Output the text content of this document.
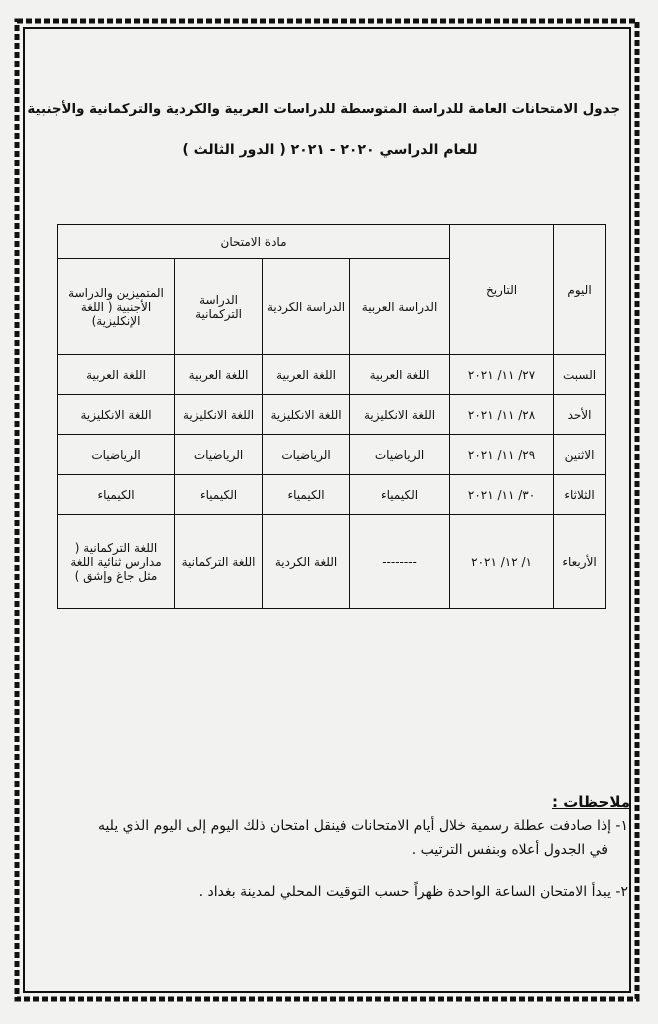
جدول الامتحانات العامة للدراسة المتوسطة للدراسات العربية والكردية والتركمانية والأجنبية
للعام الدراسي ٢٠٢٠ - ٢٠٢١ ( الدور الثالث )
اليوم	التاريخ	مادة الامتحان			
		الدراسة العربية	الدراسة الكردية	الدراسة التركمانية	المتميزين والدراسة الأجنبية ( اللغة الإنكليزية)
السبت	٢٧/ ١١/ ٢٠٢١	اللغة العربية	اللغة العربية	اللغة العربية	اللغة العربية
الأحد	٢٨/ ١١/ ٢٠٢١	اللغة الانكليزية	اللغة الانكليزية	اللغة الانكليزية	اللغة الانكليزية
الاثنين	٢٩/ ١١/ ٢٠٢١	الرياضيات	الرياضيات	الرياضيات	الرياضيات
الثلاثاء	٣٠/ ١١/ ٢٠٢١	الكيمياء	الكيمياء	الكيمياء	الكيمياء
الأربعاء	١/ ١٢/ ٢٠٢١	--------	اللغة الكردية	اللغة التركمانية	اللغة التركمانية ( مدارس ثنائية اللغة مثل جاغ وإشق )
ملاحظات :

١- إذا صادفت عطلة رسمية خلال أيام الامتحانات فينقل امتحان ذلك اليوم إلى اليوم الذي يليه

في الجدول أعلاه وبنفس الترتيب .

٢- يبدأ الامتحان الساعة الواحدة ظهراً حسب التوقيت المحلي لمدينة بغداد .
